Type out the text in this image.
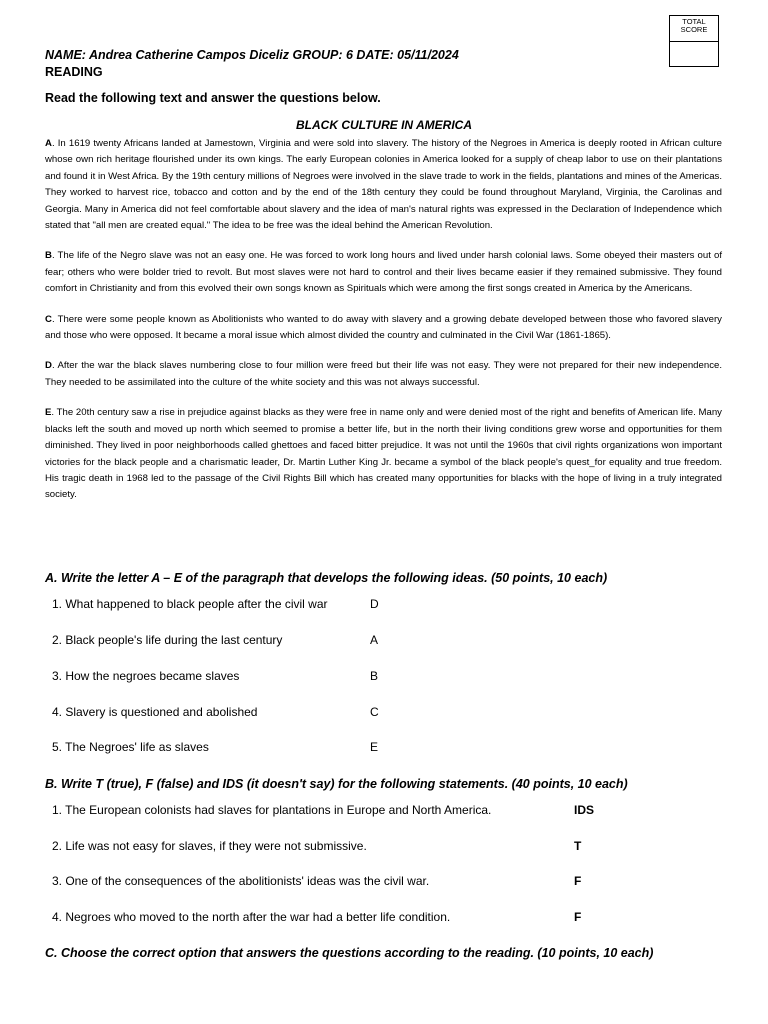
TOTAL SCORE
NAME: Andrea Catherine Campos Diceliz GROUP: 6 DATE: 05/11/2024
READING
Read the following text and answer the questions below.
BLACK CULTURE IN AMERICA

A. In 1619 twenty Africans landed at Jamestown, Virginia and were sold into slavery. The history of the Negroes in America is deeply rooted in African culture whose own rich heritage flourished under its own kings. The early European colonies in America looked for a supply of cheap labor to use on their plantations and found it in West Africa. By the 19th century millions of Negroes were involved in the slave trade to work in the fields, plantations and mines of the Americas. They worked to harvest rice, tobacco and cotton and by the end of the 18th century they could be found throughout Maryland, Virginia, the Carolinas and Georgia. Many in America did not feel comfortable about slavery and the idea of man's natural rights was expressed in the Declaration of Independence which stated that "all men are created equal." The idea to be free was the ideal behind the American Revolution.

B. The life of the Negro slave was not an easy one. He was forced to work long hours and lived under harsh colonial laws. Some obeyed their masters out of fear; others who were bolder tried to revolt. But most slaves were not hard to control and their lives became easier if they remained submissive. They found comfort in Christianity and from this evolved their own songs known as Spirituals which were among the first songs created in America by the Americans.

C. There were some people known as Abolitionists who wanted to do away with slavery and a growing debate developed between those who favored slavery and those who were opposed. It became a moral issue which almost divided the country and culminated in the Civil War (1861-1865).

D. After the war the black slaves numbering close to four million were freed but their life was not easy. They were not prepared for their new independence. They needed to be assimilated into the culture of the white society and this was not always successful.

E. The 20th century saw a rise in prejudice against blacks as they were free in name only and were denied most of the right and benefits of American life. Many blacks left the south and moved up north which seemed to promise a better life, but in the north their living conditions grew worse and opportunities for them diminished. They lived in poor neighborhoods called ghettoes and faced bitter prejudice. It was not until the 1960s that civil rights organizations won important victories for the black people and a charismatic leader, Dr. Martin Luther King Jr. became a symbol of the black people's quest_for equality and true freedom. His tragic death in 1968 led to the passage of the Civil Rights Bill which has created many opportunities for blacks with the hope of living in a truly integrated society.

A. Write the letter A – E of the paragraph that develops the following ideas. (50 points, 10 each)
1. What happened to black people after the civil war	D
2. Black people's life during the last century	A
3. How the negroes became slaves	B
4. Slavery is questioned and abolished	C
5. The Negroes' life as slaves	E
B. Write T (true), F (false) and IDS (it doesn't say) for the following statements. (40 points, 10 each)
1. The European colonists had slaves for plantations in Europe and North America.	IDS
2. Life was not easy for slaves, if they were not submissive.	T
3. One of the consequences of the abolitionists' ideas was the civil war.	F
4. Negroes who moved to the north after the war had a better life condition.	F
C. Choose the correct option that answers the questions according to the reading. (10 points, 10 each)
